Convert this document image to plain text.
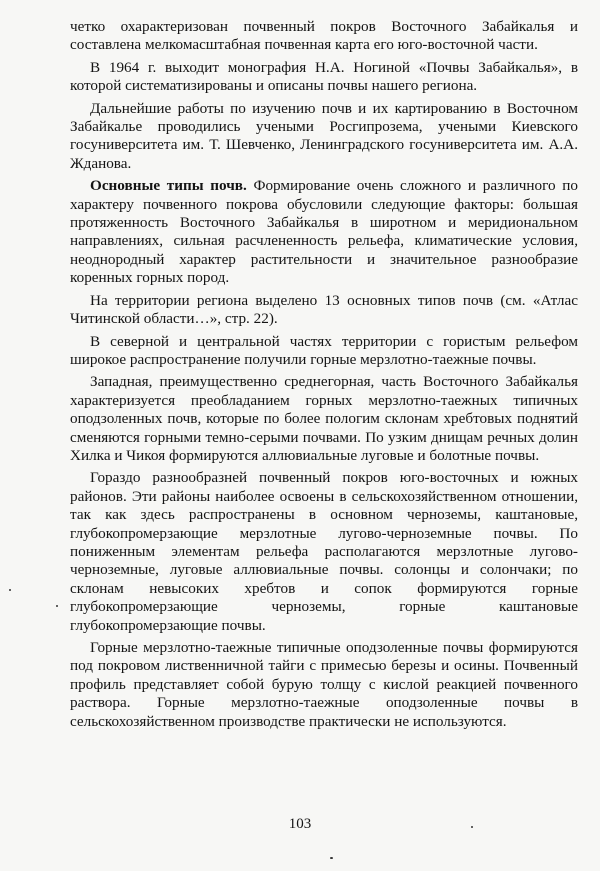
четко охарактеризован почвенный покров Восточного Забайкалья и составлена мелкомасштабная почвенная карта его юго-восточной части.

В 1964 г. выходит монография Н.А. Ногиной «Почвы Забайкалья», в которой систематизированы и описаны почвы нашего региона.

Дальнейшие работы по изучению почв и их картированию в Восточном Забайкалье проводились учеными Росгипрозема, учеными Киевского госуниверситета им. Т. Шевченко, Ленинградского госуниверситета им. А.А. Жданова.

Основные типы почв. Формирование очень сложного и различного по характеру почвенного покрова обусловили следующие факторы: большая протяженность Восточного Забайкалья в широтном и меридиональном направлениях, сильная расчлененность рельефа, климатические условия, неоднородный характер растительности и значительное разнообразие коренных горных пород.

На территории региона выделено 13 основных типов почв (см. «Атлас Читинской области…», стр. 22).

В северной и центральной частях территории с гористым рельефом широкое распространение получили горные мерзлотно-таежные почвы.

Западная, преимущественно среднегорная, часть Восточного Забайкалья характеризуется преобладанием горных мерзлотно-таежных типичных оподзоленных почв, которые по более пологим склонам хребтовых поднятий сменяются горными темно-серыми почвами. По узким днищам речных долин Хилка и Чикоя формируются аллювиальные луговые и болотные почвы.

Гораздо разнообразней почвенный покров юго-восточных и южных районов. Эти районы наиболее освоены в сельскохозяйственном отношении, так как здесь распространены в основном черноземы, каштановые, глубокопромерзающие мерзлотные лугово-черноземные почвы. По пониженным элементам рельефа располагаются мерзлотные лугово-черноземные, луговые аллювиальные почвы. солонцы и солончаки; по склонам невысоких хребтов и сопок формируются горные глубокопромерзающие черноземы, горные каштановые глубокопромерзающие почвы.

Горные мерзлотно-таежные типичные оподзоленные почвы формируются под покровом лиственничной тайги с примесью березы и осины. Почвенный профиль представляет собой бурую толщу с кислой реакцией почвенного раствора. Горные мерзлотно-таежные оподзоленные почвы в сельскохозяйственном производстве практически не используются.

103
